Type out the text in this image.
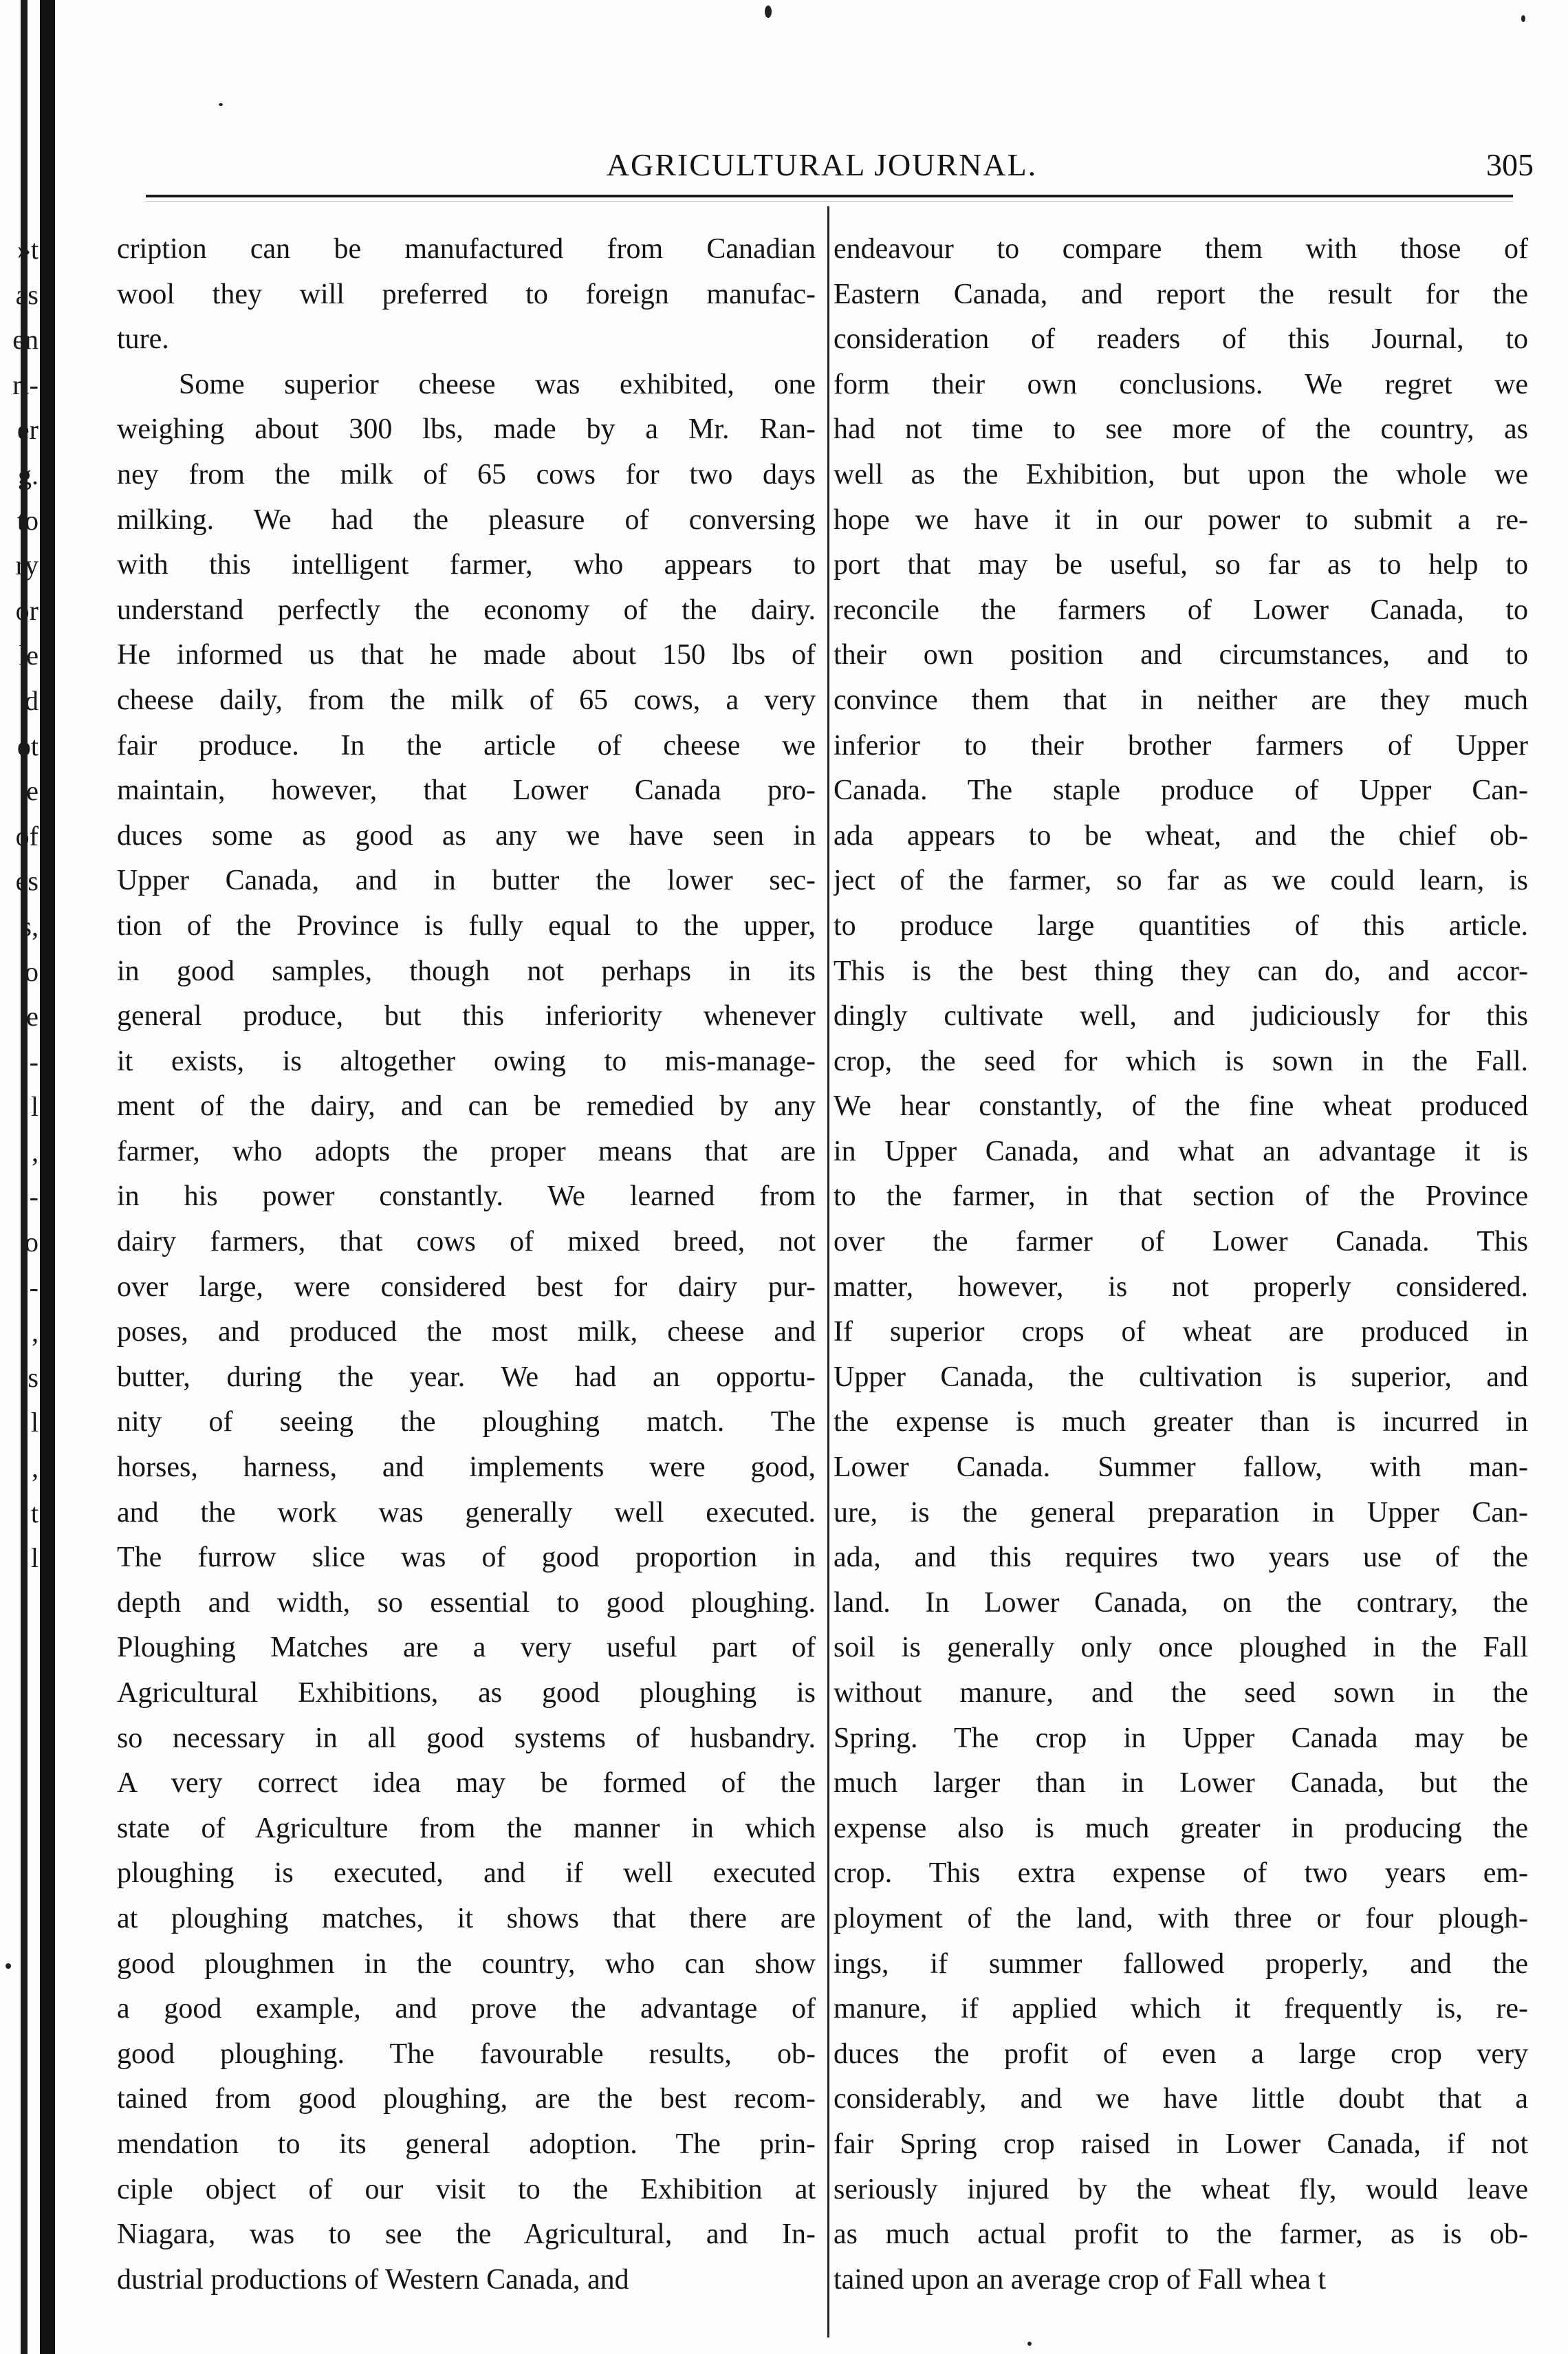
»t
as
en
ri-
er
g.
to
ry
or
le
d
ot
e
of
es
s,
o
e
-
l
,
-
o
-
,
s
l
,
t
l
AGRICULTURAL JOURNAL.	305
cription can be manufactured from Canadian
wool they will preferred to foreign manufac-
ture.
Some superior cheese was exhibited, one
weighing about 300 lbs, made by a Mr. Ran-
ney from the milk of 65 cows for two days
milking. We had the pleasure of conversing
with this intelligent farmer, who appears to
understand perfectly the economy of the dairy.
He informed us that he made about 150 lbs of
cheese daily, from the milk of 65 cows, a very
fair produce. In the article of cheese we
maintain, however, that Lower Canada pro-
duces some as good as any we have seen in
Upper Canada, and in butter the lower sec-
tion of the Province is fully equal to the upper,
in good samples, though not perhaps in its
general produce, but this inferiority whenever
it exists, is altogether owing to mis-manage-
ment of the dairy, and can be remedied by any
farmer, who adopts the proper means that are
in his power constantly. We learned from
dairy farmers, that cows of mixed breed, not
over large, were considered best for dairy pur-
poses, and produced the most milk, cheese and
butter, during the year. We had an opportu-
nity of seeing the ploughing match. The
horses, harness, and implements were good,
and the work was generally well executed.
The furrow slice was of good proportion in
depth and width, so essential to good ploughing.
Ploughing Matches are a very useful part of
Agricultural Exhibitions, as good ploughing is
so necessary in all good systems of husbandry.
A very correct idea may be formed of the
state of Agriculture from the manner in which
ploughing is executed, and if well executed
at ploughing matches, it shows that there are
good ploughmen in the country, who can show
a good example, and prove the advantage of
good ploughing. The favourable results, ob-
tained from good ploughing, are the best recom-
mendation to its general adoption. The prin-
ciple object of our visit to the Exhibition at
Niagara, was to see the Agricultural, and In-
dustrial productions of Western Canada, and
endeavour to compare them with those of
Eastern Canada, and report the result for the
consideration of readers of this Journal, to
form their own conclusions. We regret we
had not time to see more of the country, as
well as the Exhibition, but upon the whole we
hope we have it in our power to submit a re-
port that may be useful, so far as to help to
reconcile the farmers of Lower Canada, to
their own position and circumstances, and to
convince them that in neither are they much
inferior to their brother farmers of Upper
Canada. The staple produce of Upper Can-
ada appears to be wheat, and the chief ob-
ject of the farmer, so far as we could learn, is
to produce large quantities of this article.
This is the best thing they can do, and accor-
dingly cultivate well, and judiciously for this
crop, the seed for which is sown in the Fall.
We hear constantly, of the fine wheat produced
in Upper Canada, and what an advantage it is
to the farmer, in that section of the Province
over the farmer of Lower Canada. This
matter, however, is not properly considered.
If superior crops of wheat are produced in
Upper Canada, the cultivation is superior, and
the expense is much greater than is incurred in
Lower Canada. Summer fallow, with man-
ure, is the general preparation in Upper Can-
ada, and this requires two years use of the
land. In Lower Canada, on the contrary, the
soil is generally only once ploughed in the Fall
without manure, and the seed sown in the
Spring. The crop in Upper Canada may be
much larger than in Lower Canada, but the
expense also is much greater in producing the
crop. This extra expense of two years em-
ployment of the land, with three or four plough-
ings, if summer fallowed properly, and the
manure, if applied which it frequently is, re-
duces the profit of even a large crop very
considerably, and we have little doubt that a
fair Spring crop raised in Lower Canada, if not
seriously injured by the wheat fly, would leave
as much actual profit to the farmer, as is ob-
tained upon an average crop of Fall whea t
